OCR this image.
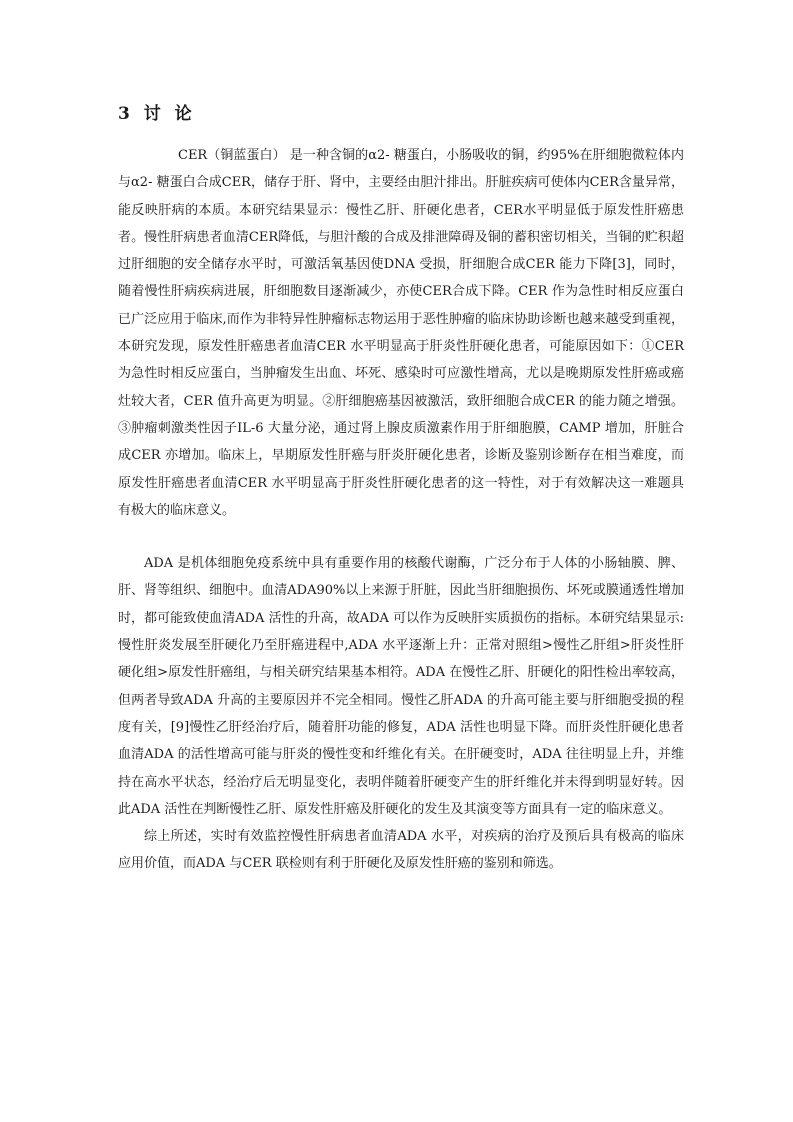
3 讨 论

CER（铜蓝蛋白） 是一种含铜的α2- 糖蛋白，小肠吸收的铜，约95%在肝细胞微粒体内与α2- 糖蛋白合成CER，储存于肝、肾中，主要经由胆汁排出。肝脏疾病可使体内CER含量异常，能反映肝病的本质。本研究结果显示：慢性乙肝、肝硬化患者，CER水平明显低于原发性肝癌患者。慢性肝病患者血清CER降低，与胆汁酸的合成及排泄障碍及铜的蓄积密切相关，当铜的贮积超过肝细胞的安全储存水平时，可激活氧基因使DNA 受损，肝细胞合成CER 能力下降[3]，同时，随着慢性肝病疾病进展，肝细胞数目逐渐减少，亦使CER合成下降。CER 作为急性时相反应蛋白已广泛应用于临床,而作为非特异性肿瘤标志物运用于恶性肿瘤的临床协助诊断也越来越受到重视，本研究发现，原发性肝癌患者血清CER 水平明显高于肝炎性肝硬化患者，可能原因如下：①CER 为急性时相反应蛋白，当肿瘤发生出血、坏死、感染时可应激性增高，尤以是晚期原发性肝癌或癌灶较大者，CER 值升高更为明显。②肝细胞癌基因被激活，致肝细胞合成CER 的能力随之增强。③肿瘤刺激类性因子IL-6 大量分泌，通过肾上腺皮质激素作用于肝细胞膜，CAMP 增加，肝脏合成CER 亦增加。临床上，早期原发性肝癌与肝炎肝硬化患者，诊断及鉴别诊断存在相当难度，而原发性肝癌患者血清CER 水平明显高于肝炎性肝硬化患者的这一特性，对于有效解决这一难题具有极大的临床意义。

ADA 是机体细胞免疫系统中具有重要作用的核酸代谢酶，广泛分布于人体的小肠轴膜、脾、肝、肾等组织、细胞中。血清ADA90%以上来源于肝脏，因此当肝细胞损伤、坏死或膜通透性增加时，都可能致使血清ADA 活性的升高，故ADA 可以作为反映肝实质损伤的指标。本研究结果显示:慢性肝炎发展至肝硬化乃至肝癌进程中,ADA 水平逐渐上升：正常对照组>慢性乙肝组>肝炎性肝硬化组>原发性肝癌组，与相关研究结果基本相符。ADA 在慢性乙肝、肝硬化的阳性检出率较高，但两者导致ADA 升高的主要原因并不完全相同。慢性乙肝ADA 的升高可能主要与肝细胞受损的程度有关，[9]慢性乙肝经治疗后，随着肝功能的修复，ADA 活性也明显下降。而肝炎性肝硬化患者血清ADA 的活性增高可能与肝炎的慢性变和纤维化有关。在肝硬变时，ADA 往往明显上升，并维持在高水平状态，经治疗后无明显变化，表明伴随着肝硬变产生的肝纤维化并未得到明显好转。因此ADA 活性在判断慢性乙肝、原发性肝癌及肝硬化的发生及其演变等方面具有一定的临床意义。

综上所述，实时有效监控慢性肝病患者血清ADA 水平，对疾病的治疗及预后具有极高的临床应用价值，而ADA 与CER 联检则有利于肝硬化及原发性肝癌的鉴别和筛选。
